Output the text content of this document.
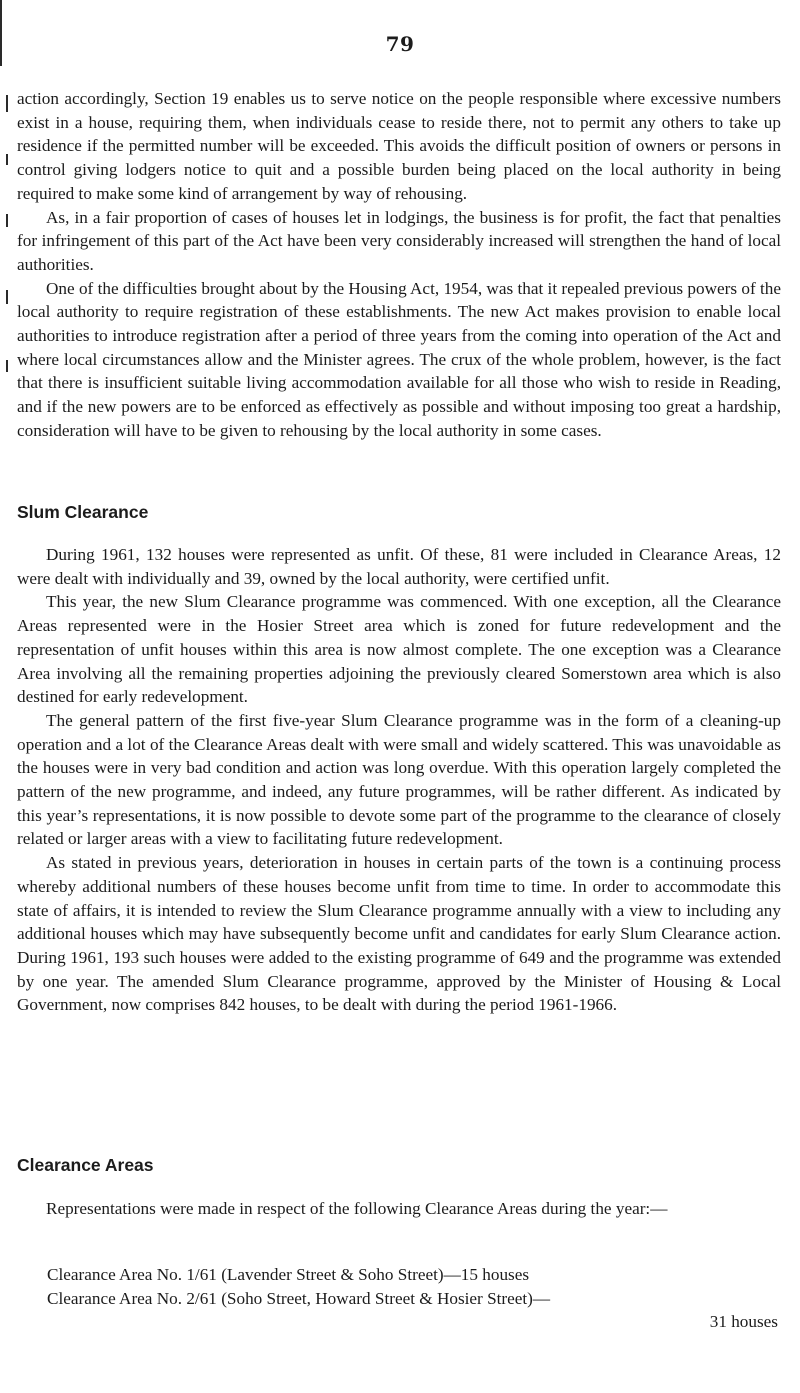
79

action accordingly, Section 19 enables us to serve notice on the people responsible where excessive numbers exist in a house, requiring them, when individuals cease to reside there, not to permit any others to take up residence if the permitted number will be exceeded. This avoids the difficult position of owners or persons in control giving lodgers notice to quit and a possible burden being placed on the local authority in being required to make some kind of arrangement by way of rehousing.

As, in a fair proportion of cases of houses let in lodgings, the business is for profit, the fact that penalties for infringement of this part of the Act have been very considerably increased will strengthen the hand of local authorities.

One of the difficulties brought about by the Housing Act, 1954, was that it repealed previous powers of the local authority to require registration of these establishments. The new Act makes provision to enable local authorities to introduce registration after a period of three years from the coming into operation of the Act and where local circumstances allow and the Minister agrees. The crux of the whole problem, however, is the fact that there is insufficient suitable living accommodation available for all those who wish to reside in Reading, and if the new powers are to be enforced as effectively as possible and without imposing too great a hardship, consideration will have to be given to rehousing by the local authority in some cases.

Slum Clearance

During 1961, 132 houses were represented as unfit. Of these, 81 were included in Clearance Areas, 12 were dealt with individually and 39, owned by the local authority, were certified unfit.

This year, the new Slum Clearance programme was commenced. With one exception, all the Clearance Areas represented were in the Hosier Street area which is zoned for future redevelopment and the representation of unfit houses within this area is now almost complete. The one exception was a Clearance Area involving all the remaining properties adjoining the previously cleared Somerstown area which is also destined for early redevelopment.

The general pattern of the first five-year Slum Clearance programme was in the form of a cleaning-up operation and a lot of the Clearance Areas dealt with were small and widely scattered. This was unavoidable as the houses were in very bad condition and action was long overdue. With this operation largely completed the pattern of the new programme, and indeed, any future programmes, will be rather different. As indicated by this year’s representations, it is now possible to devote some part of the programme to the clearance of closely related or larger areas with a view to facilitating future redevelopment.

As stated in previous years, deterioration in houses in certain parts of the town is a continuing process whereby additional numbers of these houses become unfit from time to time. In order to accommodate this state of affairs, it is intended to review the Slum Clearance programme annually with a view to including any additional houses which may have subsequently become unfit and candidates for early Slum Clearance action. During 1961, 193 such houses were added to the existing programme of 649 and the programme was extended by one year. The amended Slum Clearance programme, approved by the Minister of Housing & Local Government, now comprises 842 houses, to be dealt with during the period 1961-1966.

Clearance Areas

Representations were made in respect of the following Clearance Areas during the year:—

Clearance Area No. 1/61 (Lavender Street & Soho Street)—15 houses

Clearance Area No. 2/61 (Soho Street, Howard Street & Hosier Street)—

31 houses
